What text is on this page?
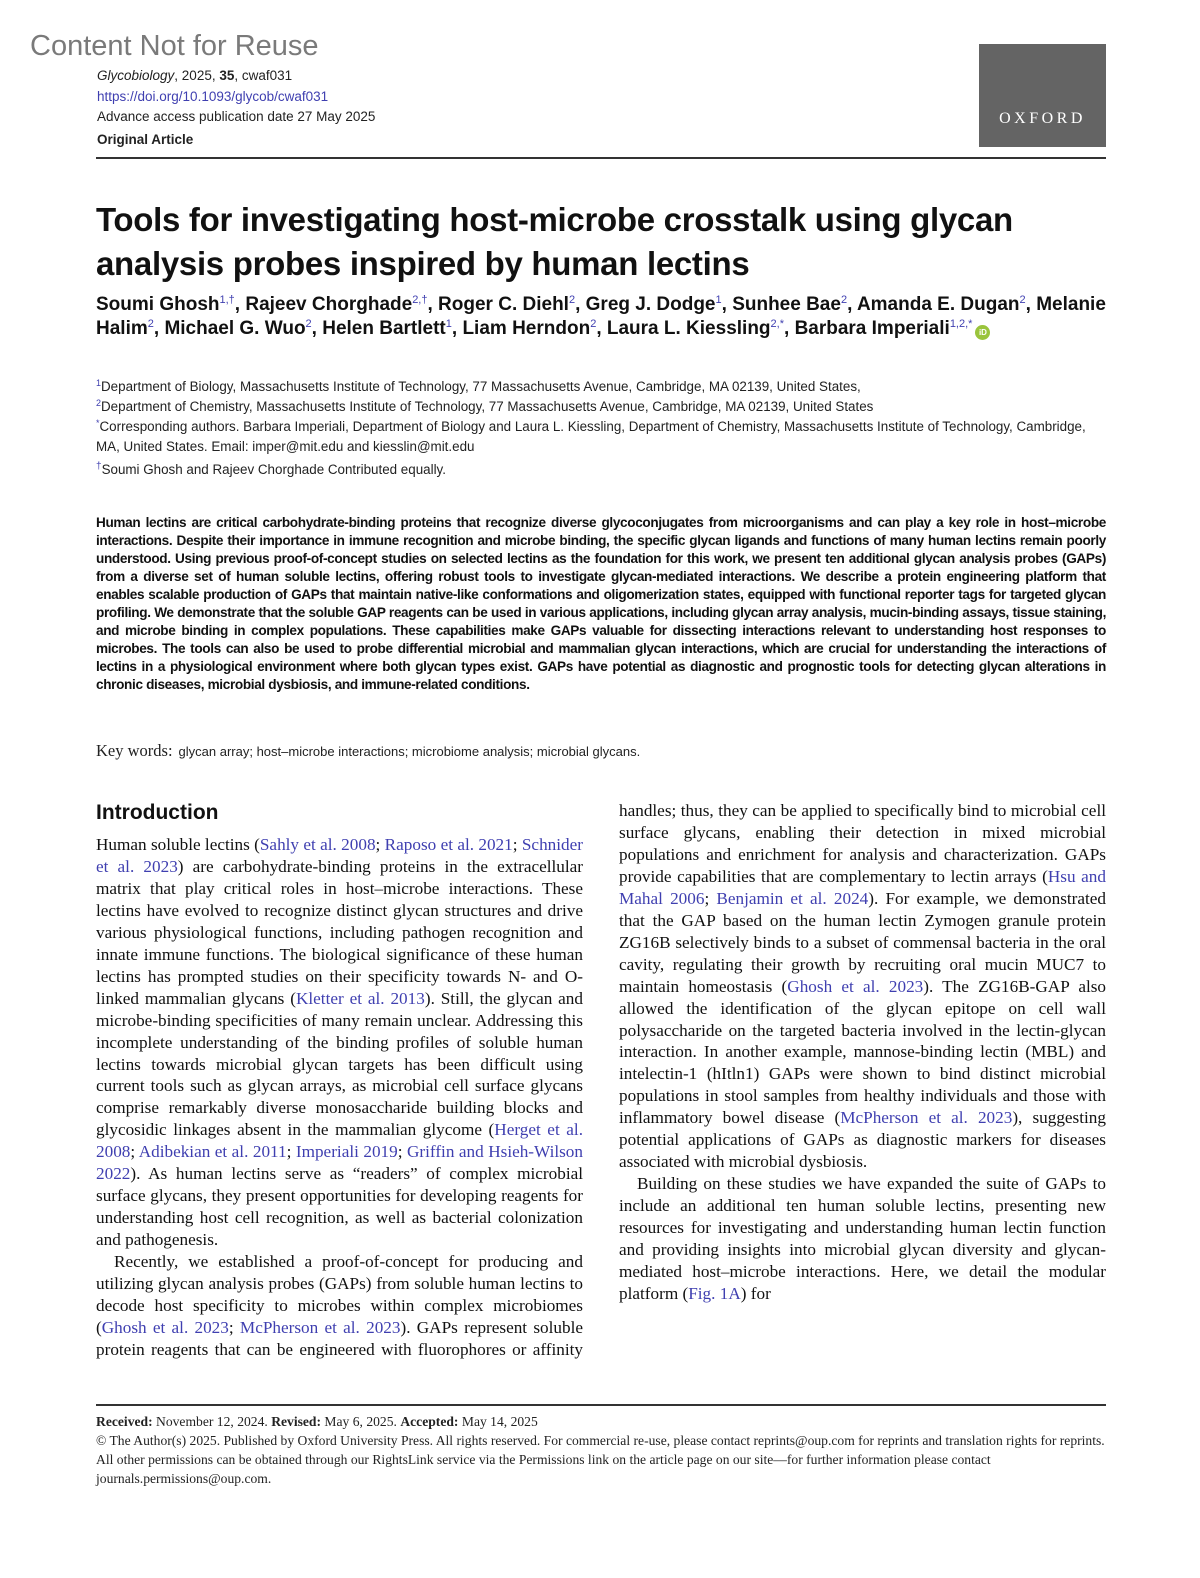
Content Not for Reuse
Glycobiology, 2025, 35, cwaf031
https://doi.org/10.1093/glycob/cwaf031
Advance access publication date 27 May 2025
Original Article
OXFORD
Tools for investigating host-microbe crosstalk using glycan analysis probes inspired by human lectins
Soumi Ghosh$^{1,\dagger}$, Rajeev Chorghade$^{2,\dagger}$, Roger C. Diehl$^2$, Greg J. Dodge$^1$, Sunhee Bae$^2$, Amanda E. Dugan$^2$, Melanie Halim$^2$, Michael G. Wuo$^2$, Helen Bartlett$^1$, Liam Herndon$^2$, Laura L. Kiessling$^{2,*}$, Barbara Imperiali$^{1,2,*}$iD
$^1$Department of Biology, Massachusetts Institute of Technology, 77 Massachusetts Avenue, Cambridge, MA 02139, United States,
$^2$Department of Chemistry, Massachusetts Institute of Technology, 77 Massachusetts Avenue, Cambridge, MA 02139, United States
*Corresponding authors. Barbara Imperiali, Department of Biology and Laura L. Kiessling, Department of Chemistry, Massachusetts Institute of Technology, Cambridge, MA, United States. Email: imper@mit.edu and kiesslin@mit.edu
†Soumi Ghosh and Rajeev Chorghade Contributed equally.

Human lectins are critical carbohydrate-binding proteins that recognize diverse glycoconjugates from microorganisms and can play a key role in host–microbe interactions. Despite their importance in immune recognition and microbe binding, the specific glycan ligands and functions of many human lectins remain poorly understood. Using previous proof-of-concept studies on selected lectins as the foundation for this work, we present ten additional glycan analysis probes (GAPs) from a diverse set of human soluble lectins, offering robust tools to investigate glycan-mediated interactions. We describe a protein engineering platform that enables scalable production of GAPs that maintain native-like conformations and oligomerization states, equipped with functional reporter tags for targeted glycan profiling. We demonstrate that the soluble GAP reagents can be used in various applications, including glycan array analysis, mucin-binding assays, tissue staining, and microbe binding in complex populations. These capabilities make GAPs valuable for dissecting interactions relevant to understanding host responses to microbes. The tools can also be used to probe differential microbial and mammalian glycan interactions, which are crucial for understanding the interactions of lectins in a physiological environment where both glycan types exist. GAPs have potential as diagnostic and prognostic tools for detecting glycan alterations in chronic diseases, microbial dysbiosis, and immune-related conditions.

Key words: glycan array; host–microbe interactions; microbiome analysis; microbial glycans.
Introduction

Human soluble lectins (Sahly et al. 2008; Raposo et al. 2021; Schnider et al. 2023) are carbohydrate-binding proteins in the extracellular matrix that play critical roles in host–microbe interactions. These lectins have evolved to recognize distinct glycan structures and drive various physiological functions, including pathogen recognition and innate immune functions. The biological significance of these human lectins has prompted studies on their specificity towards N- and O-linked mammalian glycans (Kletter et al. 2013). Still, the glycan and microbe-binding specificities of many remain unclear. Addressing this incomplete understanding of the binding profiles of soluble human lectins towards microbial glycan targets has been difficult using current tools such as glycan arrays, as microbial cell surface glycans comprise remarkably diverse monosaccharide building blocks and glycosidic linkages absent in the mammalian glycome (Herget et al. 2008; Adibekian et al. 2011; Imperiali 2019; Griffin and Hsieh-Wilson 2022). As human lectins serve as “readers” of complex microbial surface glycans, they present opportunities for developing reagents for understanding host cell recognition, as well as bacterial colonization and pathogenesis.

Recently, we established a proof-of-concept for producing and utilizing glycan analysis probes (GAPs) from soluble human lectins to decode host specificity to microbes within complex microbiomes (Ghosh et al. 2023; McPherson et al. 2023). GAPs represent soluble protein reagents that can be engineered with fluorophores or affinity handles; thus, they can be applied to specifically bind to microbial cell surface glycans, enabling their detection in mixed microbial populations and enrichment for analysis and characterization. GAPs provide capabilities that are complementary to lectin arrays (Hsu and Mahal 2006; Benjamin et al. 2024). For example, we demonstrated that the GAP based on the human lectin Zymogen granule protein ZG16B selectively binds to a subset of commensal bacteria in the oral cavity, regulating their growth by recruiting oral mucin MUC7 to maintain homeostasis (Ghosh et al. 2023). The ZG16B-GAP also allowed the identification of the glycan epitope on cell wall polysaccharide on the targeted bacteria involved in the lectin-glycan interaction. In another example, mannose-binding lectin (MBL) and intelectin-1 (hItln1) GAPs were shown to bind distinct microbial populations in stool samples from healthy individuals and those with inflammatory bowel disease (McPherson et al. 2023), suggesting potential applications of GAPs as diagnostic markers for diseases associated with microbial dysbiosis.

Building on these studies we have expanded the suite of GAPs to include an additional ten human soluble lectins, presenting new resources for investigating and understanding human lectin function and providing insights into microbial glycan diversity and glycan-mediated host–microbe interactions. Here, we detail the modular platform (Fig. 1A) for

Received: November 12, 2024. Revised: May 6, 2025. Accepted: May 14, 2025
© The Author(s) 2025. Published by Oxford University Press. All rights reserved. For commercial re-use, please contact reprints@oup.com for reprints and translation rights for reprints. All other permissions can be obtained through our RightsLink service via the Permissions link on the article page on our site—for further information please contact journals.permissions@oup.com.
